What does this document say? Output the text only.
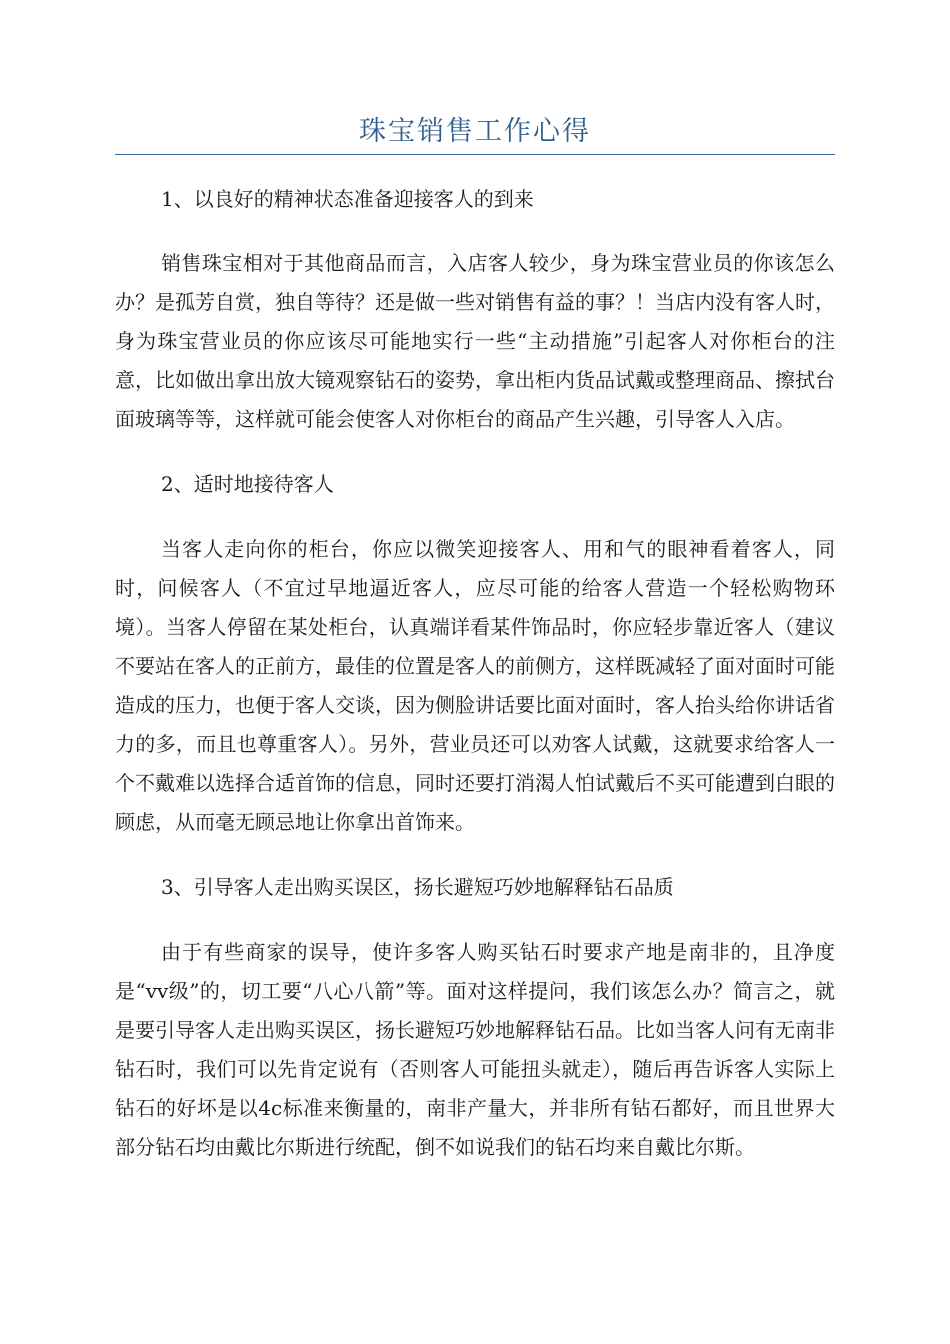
珠宝销售工作心得

1、以良好的精神状态准备迎接客人的到来

销售珠宝相对于其他商品而言，入店客人较少，身为珠宝营业员的你该怎么办？是孤芳自赏，独自等待？还是做一些对销售有益的事？！当店内没有客人时，身为珠宝营业员的你应该尽可能地实行一些“主动措施”引起客人对你柜台的注意，比如做出拿出放大镜观察钻石的姿势，拿出柜内货品试戴或整理商品、擦拭台面玻璃等等，这样就可能会使客人对你柜台的商品产生兴趣，引导客人入店。

2、适时地接待客人

当客人走向你的柜台，你应以微笑迎接客人、用和气的眼神看着客人，同时，问候客人（不宜过早地逼近客人，应尽可能的给客人营造一个轻松购物环境）。当客人停留在某处柜台，认真端详看某件饰品时，你应轻步靠近客人（建议不要站在客人的正前方，最佳的位置是客人的前侧方，这样既减轻了面对面时可能造成的压力，也便于客人交谈，因为侧脸讲话要比面对面时，客人抬头给你讲话省力的多，而且也尊重客人）。另外，营业员还可以劝客人试戴，这就要求给客人一个不戴难以选择合适首饰的信息，同时还要打消渴人怕试戴后不买可能遭到白眼的顾虑，从而毫无顾忌地让你拿出首饰来。

3、引导客人走出购买误区，扬长避短巧妙地解释钻石品质

由于有些商家的误导，使许多客人购买钻石时要求产地是南非的，且净度是“vv级”的，切工要“八心八箭”等。面对这样提问，我们该怎么办？简言之，就是要引导客人走出购买误区，扬长避短巧妙地解释钻石品。比如当客人问有无南非钻石时，我们可以先肯定说有（否则客人可能扭头就走），随后再告诉客人实际上钻石的好坏是以4c标准来衡量的，南非产量大，并非所有钻石都好，而且世界大部分钻石均由戴比尔斯进行统配，倒不如说我们的钻石均来自戴比尔斯。
